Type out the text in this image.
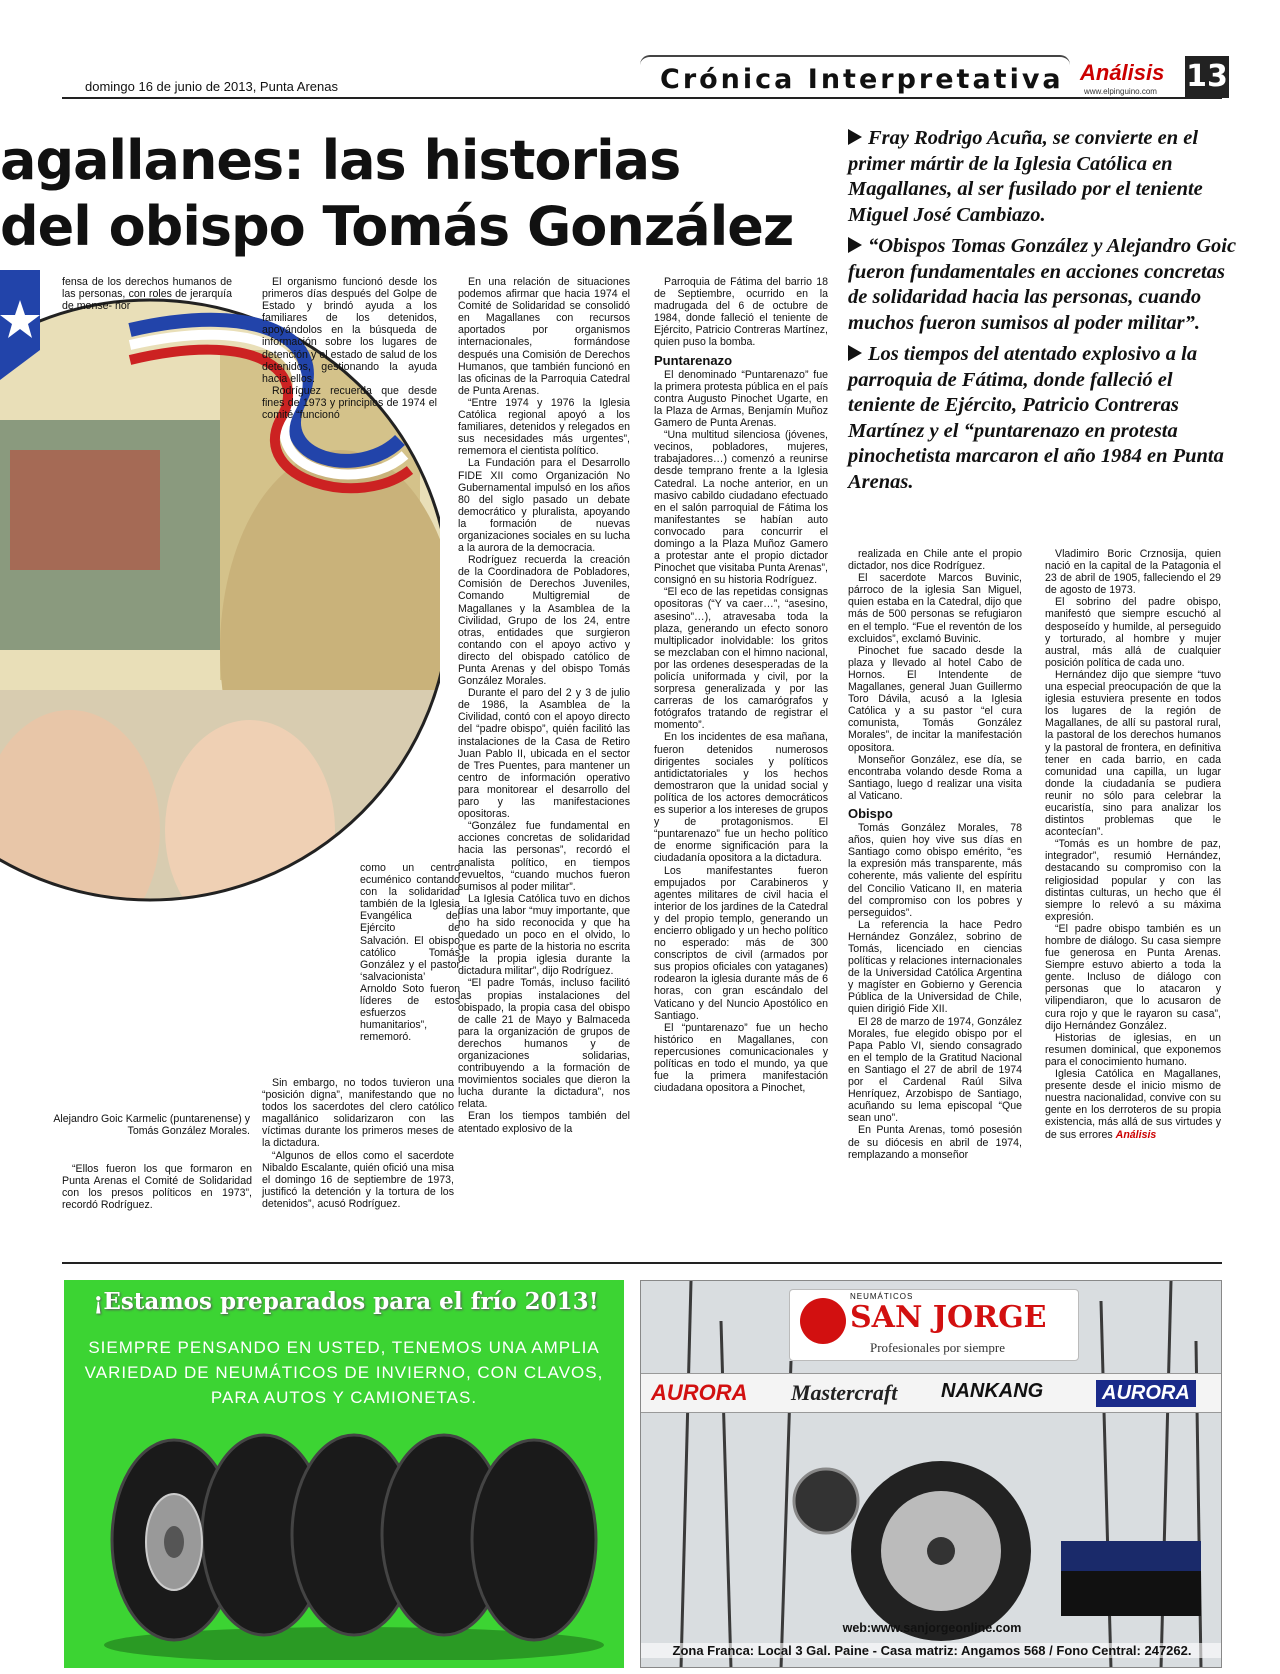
domingo 16 de junio de 2013, Punta Arenas	Crónica Interpretativa Análisis
www.elpinguino.com 13
agallanes: las historias
del obispo Tomás González

Fray Rodrigo Acuña, se convierte en el primer mártir de la Iglesia Católica en Magallanes, al ser fusilado por el teniente Miguel José Cambiazo.

“Obispos Tomas González y Alejandro Goic fueron fundamentales en acciones concretas de solidaridad hacia las personas, cuando muchos fueron sumisos al poder militar”.

Los tiempos del atentado explosivo a la parroquia de Fátima, donde falleció el teniente de Ejército, Patricio Contreras Martínez y el “puntarenazo en protesta pinochetista marcaron el año 1984 en Punta Arenas.

fensa de los derechos humanos de las personas, con roles de jerarquía de monse- ñor

como un centro ecuménico contando con la solidaridad también de la Iglesia Evangélica del Ejército de Salvación. El obispo católico Tomás González y el pastor ‘salvacionista’ Arnoldo Soto fueron líderes de estos esfuerzos humanitarios”, rememoró.

Alejandro Goic Karmelic (puntarenense) y Tomás González Morales.

“Ellos fueron los que formaron en Punta Arenas el Comité de Solidaridad con los presos políticos en 1973”, recordó Rodríguez.

El organismo funcionó desde los primeros días después del Golpe de Estado y brindó ayuda a los familiares de los detenidos, apoyándolos en la búsqueda de información sobre los lugares de detención y el estado de salud de los detenidos, gestionando la ayuda hacia ellos.

Rodríguez recuerda que desde fines de 1973 y principios de 1974 el comité “funcionó

Sin embargo, no todos tuvieron una “posición digna”, manifestando que no todos los sacerdotes del clero católico magallánico solidarizaron con las víctimas durante los primeros meses de la dictadura.

“Algunos de ellos como el sacerdote Nibaldo Escalante, quién ofició una misa el domingo 16 de septiembre de 1973, justificó la detención y la tortura de los detenidos”, acusó Rodríguez.

En una relación de situaciones podemos afirmar que hacia 1974 el Comité de Solidaridad se consolidó en Magallanes con recursos aportados por organismos internacionales, formándose después una Comisión de Derechos Humanos, que también funcionó en las oficinas de la Parroquia Catedral de Punta Arenas.

“Entre 1974 y 1976 la Iglesia Católica regional apoyó a los familiares, detenidos y relegados en sus necesidades más urgentes”, rememora el cientista político.

La Fundación para el Desarrollo FIDE XII como Organización No Gubernamental impulsó en los años 80 del siglo pasado un debate democrático y pluralista, apoyando la formación de nuevas organizaciones sociales en su lucha a la aurora de la democracia.

Rodríguez recuerda la creación de la Coordinadora de Pobladores, Comisión de Derechos Juveniles, Comando Multigremial de Magallanes y la Asamblea de la Civilidad, Grupo de los 24, entre otras, entidades que surgieron contando con el apoyo activo y directo del obispado católico de Punta Arenas y del obispo Tomás González Morales.

Durante el paro del 2 y 3 de julio de 1986, la Asamblea de la Civilidad, contó con el apoyo directo del “padre obispo”, quién facilitó las instalaciones de la Casa de Retiro Juan Pablo II, ubicada en el sector de Tres Puentes, para mantener un centro de información operativo para monitorear el desarrollo del paro y las manifestaciones opositoras.

“González fue fundamental en acciones concretas de solidaridad hacia las personas”, recordó el analista político, en tiempos revueltos, “cuando muchos fueron sumisos al poder militar”.

La Iglesia Católica tuvo en dichos días una labor “muy importante, que no ha sido reconocida y que ha quedado un poco en el olvido, lo que es parte de la historia no escrita de la propia iglesia durante la dictadura militar”, dijo Rodríguez.

“El padre Tomás, incluso facilitó las propias instalaciones del obispado, la propia casa del obispo de calle 21 de Mayo y Balmaceda para la organización de grupos de derechos humanos y de organizaciones solidarias, contribuyendo a la formación de movimientos sociales que dieron la lucha durante la dictadura”, nos relata.

Eran los tiempos también del atentado explosivo de la

Parroquia de Fátima del barrio 18 de Septiembre, ocurrido en la madrugada del 6 de octubre de 1984, donde falleció el teniente de Ejército, Patricio Contreras Martínez, quien puso la bomba.

Puntarenazo

El denominado “Puntarenazo” fue la primera protesta pública en el país contra Augusto Pinochet Ugarte, en la Plaza de Armas, Benjamín Muñoz Gamero de Punta Arenas.

“Una multitud silenciosa (jóvenes, vecinos, pobladores, mujeres, trabajadores…) comenzó a reunirse desde temprano frente a la Iglesia Catedral. La noche anterior, en un masivo cabildo ciudadano efectuado en el salón parroquial de Fátima los manifestantes se habían auto convocado para concurrir el domingo a la Plaza Muñoz Gamero a protestar ante el propio dictador Pinochet que visitaba Punta Arenas”, consignó en su historia Rodríguez.

“El eco de las repetidas consignas opositoras (“Y va caer…”, “asesino, asesino”…), atravesaba toda la plaza, generando un efecto sonoro multiplicador inolvidable: los gritos se mezclaban con el himno nacional, por las ordenes desesperadas de la policía uniformada y civil, por la sorpresa generalizada y por las carreras de los camarógrafos y fotógrafos tratando de registrar el momento”.

En los incidentes de esa mañana, fueron detenidos numerosos dirigentes sociales y políticos antidictatoriales y los hechos demostraron que la unidad social y política de los actores democráticos es superior a los intereses de grupos y de protagonismos. El “puntarenazo” fue un hecho político de enorme significación para la ciudadanía opositora a la dictadura.

Los manifestantes fueron empujados por Carabineros y agentes militares de civil hacia el interior de los jardines de la Catedral y del propio templo, generando un encierro obligado y un hecho político no esperado: más de 300 conscriptos de civil (armados por sus propios oficiales con yataganes) rodearon la iglesia durante más de 6 horas, con gran escándalo del Vaticano y del Nuncio Apostólico en Santiago.

El “puntarenazo” fue un hecho histórico en Magallanes, con repercusiones comunicacionales y políticas en todo el mundo, ya que fue la primera manifestación ciudadana opositora a Pinochet,

realizada en Chile ante el propio dictador, nos dice Rodríguez.

El sacerdote Marcos Buvinic, párroco de la iglesia San Miguel, quien estaba en la Catedral, dijo que más de 500 personas se refugiaron en el templo. “Fue el reventón de los excluidos”, exclamó Buvinic.

Pinochet fue sacado desde la plaza y llevado al hotel Cabo de Hornos. El Intendente de Magallanes, general Juan Guillermo Toro Dávila, acusó a la Iglesia Católica y a su pastor “el cura comunista, Tomás González Morales”, de incitar la manifestación opositora.

Monseñor González, ese día, se encontraba volando desde Roma a Santiago, luego d realizar una visita al Vaticano.

Obispo

Tomás González Morales, 78 años, quien hoy vive sus días en Santiago como obispo emérito, “es la expresión más transparente, más coherente, más valiente del espíritu del Concilio Vaticano II, en materia del compromiso con los pobres y perseguidos”.

La referencia la hace Pedro Hernández González, sobrino de Tomás, licenciado en ciencias políticas y relaciones internacionales de la Universidad Católica Argentina y magíster en Gobierno y Gerencia Pública de la Universidad de Chile, quien dirigió Fide XII.

El 28 de marzo de 1974, González Morales, fue elegido obispo por el Papa Pablo VI, siendo consagrado en el templo de la Gratitud Nacional en Santiago el 27 de abril de 1974 por el Cardenal Raúl Silva Henríquez, Arzobispo de Santiago, acuñando su lema episcopal “Que sean uno”.

En Punta Arenas, tomó posesión de su diócesis en abril de 1974, remplazando a monseñor

Vladimiro Boric Crznosija, quien nació en la capital de la Patagonia el 23 de abril de 1905, falleciendo el 29 de agosto de 1973.

El sobrino del padre obispo, manifestó que siempre escuchó al desposeído y humilde, al perseguido y torturado, al hombre y mujer austral, más allá de cualquier posición política de cada uno.

Hernández dijo que siempre “tuvo una especial preocupación de que la iglesia estuviera presente en todos los lugares de la región de Magallanes, de allí su pastoral rural, la pastoral de los derechos humanos y la pastoral de frontera, en definitiva tener en cada barrio, en cada comunidad una capilla, un lugar donde la ciudadanía se pudiera reunir no sólo para celebrar la eucaristía, sino para analizar los distintos problemas que le acontecían”.

“Tomás es un hombre de paz, integrador”, resumió Hernández, destacando su compromiso con la religiosidad popular y con las distintas culturas, un hecho que él siempre lo relevó a su máxima expresión.

“El padre obispo también es un hombre de diálogo. Su casa siempre fue generosa en Punta Arenas. Siempre estuvo abierto a toda la gente. Incluso de diálogo con personas que lo atacaron y vilipendiaron, que lo acusaron de cura rojo y que le rayaron su casa”, dijo Hernández González.

Historias de iglesias, en un resumen dominical, que exponemos para el conocimiento humano.

Iglesia Católica en Magallanes, presente desde el inicio mismo de nuestra nacionalidad, convive con su gente en los derroteros de su propia existencia, más allá de sus virtudes y de sus errores Análisis

¡Estamos preparados para el frío 2013!
SIEMPRE PENSANDO EN USTED, TENEMOS UNA AMPLIA VARIEDAD DE NEUMÁTICOS DE INVIERNO, CON CLAVOS, PARA AUTOS Y CAMIONETAS.
NEUMÁTICOS
SAN JORGE
Profesionales por siempre
AURORA Mastercraft NANKANG	AURORA
web:www.sanjorgeonline.com
Zona Franca: Local 3 Gal. Paine - Casa matriz: Angamos 568 / Fono Central: 247262.
